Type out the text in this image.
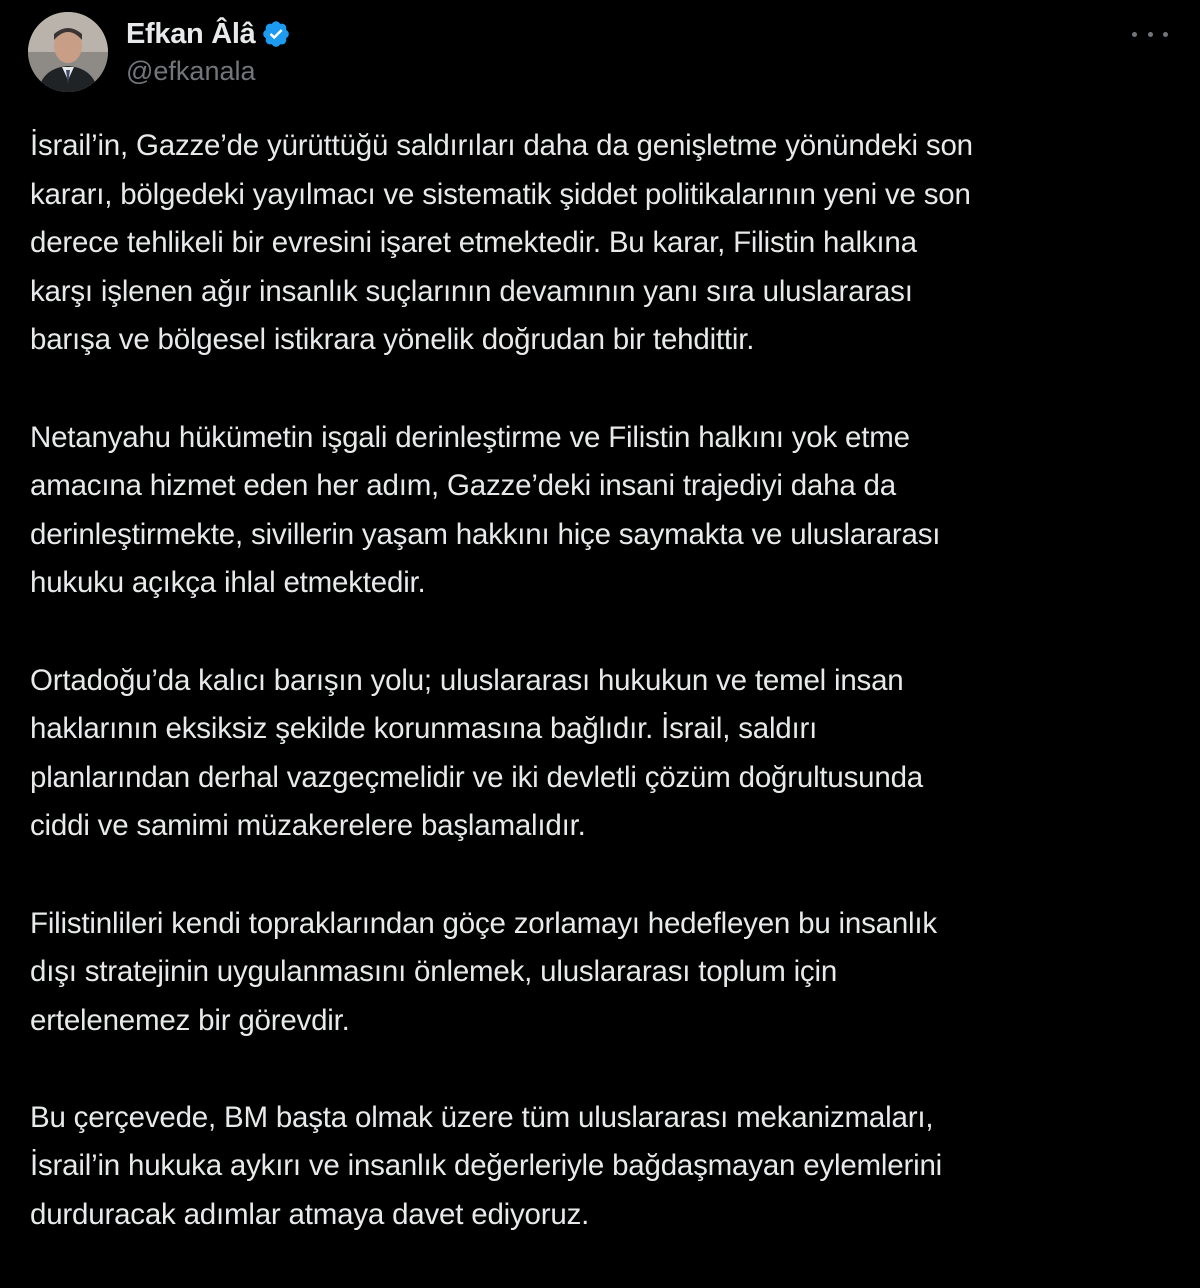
Efkan Âlâ
@efkanala

İsrail’in, Gazze’de yürüttüğü saldırıları daha da genişletme yönündeki son
kararı, bölgedeki yayılmacı ve sistematik şiddet politikalarının yeni ve son
derece tehlikeli bir evresini işaret etmektedir. Bu karar, Filistin halkına
karşı işlenen ağır insanlık suçlarının devamının yanı sıra uluslararası
barışa ve bölgesel istikrara yönelik doğrudan bir tehdittir.

Netanyahu hükümetin işgali derinleştirme ve Filistin halkını yok etme
amacına hizmet eden her adım, Gazze’deki insani trajediyi daha da
derinleştirmekte, sivillerin yaşam hakkını hiçe saymakta ve uluslararası
hukuku açıkça ihlal etmektedir.

Ortadoğu’da kalıcı barışın yolu; uluslararası hukukun ve temel insan
haklarının eksiksiz şekilde korunmasına bağlıdır. İsrail, saldırı
planlarından derhal vazgeçmelidir ve iki devletli çözüm doğrultusunda
ciddi ve samimi müzakerelere başlamalıdır.

Filistinlileri kendi topraklarından göçe zorlamayı hedefleyen bu insanlık
dışı stratejinin uygulanmasını önlemek, uluslararası toplum için
ertelenemez bir görevdir.

Bu çerçevede, BM başta olmak üzere tüm uluslararası mekanizmaları,
İsrail’in hukuka aykırı ve insanlık değerleriyle bağdaşmayan eylemlerini
durduracak adımlar atmaya davet ediyoruz.
